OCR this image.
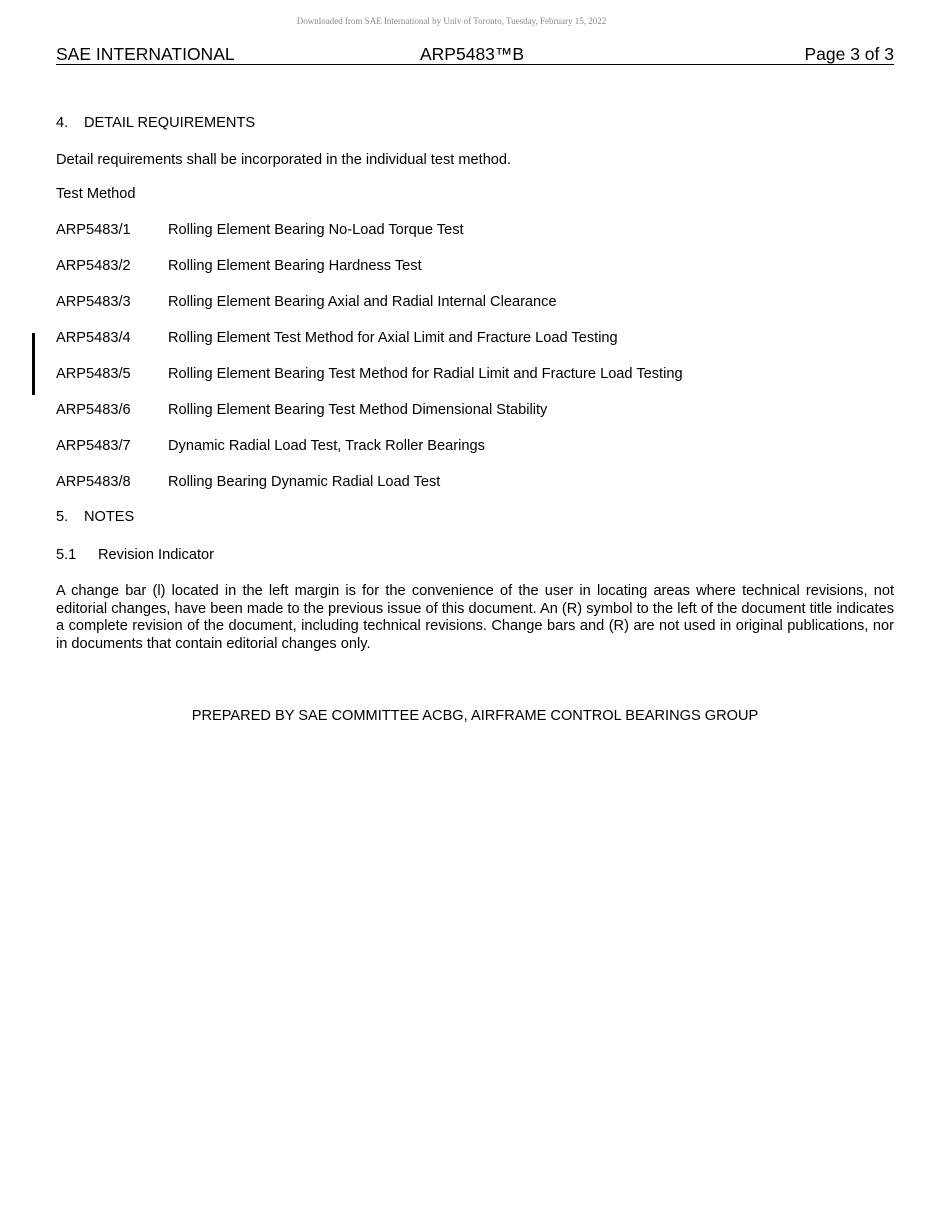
Downloaded from SAE International by Univ of Toronto, Tuesday, February 15, 2022
SAE INTERNATIONAL	ARP5483™B	Page 3 of 3
4.	DETAIL REQUIREMENTS
Detail requirements shall be incorporated in the individual test method.
Test Method
ARP5483/1	Rolling Element Bearing No-Load Torque Test
ARP5483/2	Rolling Element Bearing Hardness Test
ARP5483/3	Rolling Element Bearing Axial and Radial Internal Clearance
ARP5483/4	Rolling Element Test Method for Axial Limit and Fracture Load Testing
ARP5483/5	Rolling Element Bearing Test Method for Radial Limit and Fracture Load Testing
ARP5483/6	Rolling Element Bearing Test Method Dimensional Stability
ARP5483/7	Dynamic Radial Load Test, Track Roller Bearings
ARP5483/8	Rolling Bearing Dynamic Radial Load Test
5.	NOTES
5.1	Revision Indicator
A change bar (l) located in the left margin is for the convenience of the user in locating areas where technical revisions, not editorial changes, have been made to the previous issue of this document. An (R) symbol to the left of the document title indicates a complete revision of the document, including technical revisions. Change bars and (R) are not used in original publications, nor in documents that contain editorial changes only.
PREPARED BY SAE COMMITTEE ACBG, AIRFRAME CONTROL BEARINGS GROUP
